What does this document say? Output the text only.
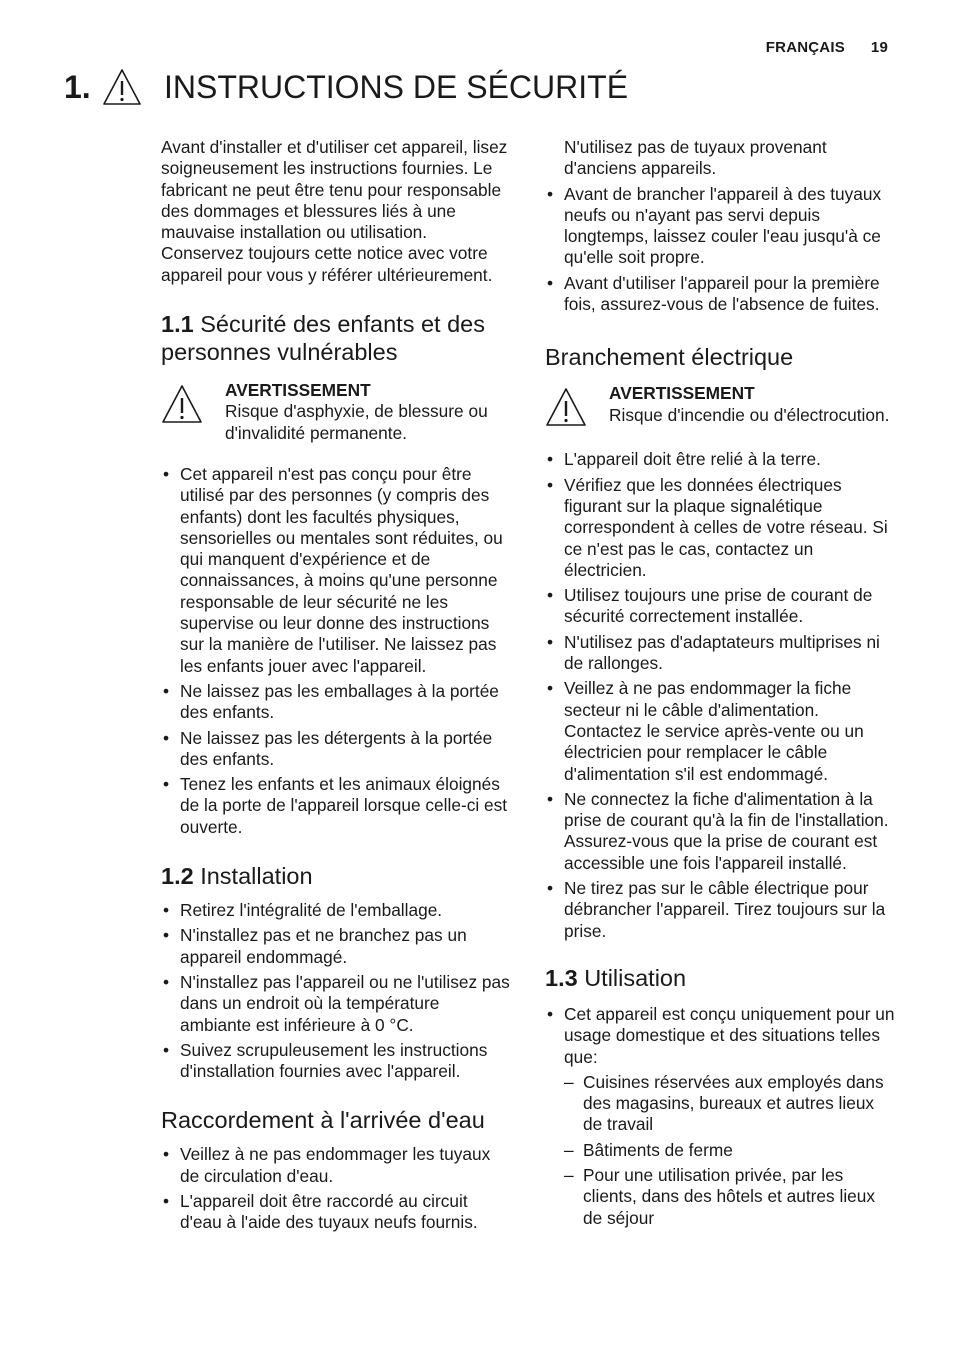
FRANÇAIS 19
1.	INSTRUCTIONS DE SÉCURITÉ

Avant d'installer et d'utiliser cet appareil, lisez soigneusement les instructions fournies. Le fabricant ne peut être tenu pour responsable des dommages et blessures liés à une mauvaise installation ou utilisation. Conservez toujours cette notice avec votre appareil pour vous y référer ultérieurement.

1.1 Sécurité des enfants et des personnes vulnérables
AVERTISSEMENT
Risque d'asphyxie, de blessure ou d'invalidité permanente.
• Cet appareil n'est pas conçu pour être utilisé par des personnes (y compris des enfants) dont les facultés physiques, sensorielles ou mentales sont réduites, ou qui manquent d'expérience et de connaissances, à moins qu'une personne responsable de leur sécurité ne les supervise ou leur donne des instructions sur la manière de l'utiliser. Ne laissez pas les enfants jouer avec l'appareil.
• Ne laissez pas les emballages à la portée des enfants.
• Ne laissez pas les détergents à la portée des enfants.
• Tenez les enfants et les animaux éloignés de la porte de l'appareil lorsque celle-ci est ouverte.
1.2 Installation
• Retirez l'intégralité de l'emballage.
• N'installez pas et ne branchez pas un appareil endommagé.
• N'installez pas l'appareil ou ne l'utilisez pas dans un endroit où la température ambiante est inférieure à 0 °C.
• Suivez scrupuleusement les instructions d'installation fournies avec l'appareil.
Raccordement à l'arrivée d'eau
• Veillez à ne pas endommager les tuyaux de circulation d'eau.
• L'appareil doit être raccordé au circuit d'eau à l'aide des tuyaux neufs fournis.

N'utilisez pas de tuyaux provenant d'anciens appareils.

• Avant de brancher l'appareil à des tuyaux neufs ou n'ayant pas servi depuis longtemps, laissez couler l'eau jusqu'à ce qu'elle soit propre.
• Avant d'utiliser l'appareil pour la première fois, assurez-vous de l'absence de fuites.
Branchement électrique
AVERTISSEMENT
Risque d'incendie ou d'électrocution.
• L'appareil doit être relié à la terre.
• Vérifiez que les données électriques figurant sur la plaque signalétique correspondent à celles de votre réseau. Si ce n'est pas le cas, contactez un électricien.
• Utilisez toujours une prise de courant de sécurité correctement installée.
• N'utilisez pas d'adaptateurs multiprises ni de rallonges.
• Veillez à ne pas endommager la fiche secteur ni le câble d'alimentation. Contactez le service après-vente ou un électricien pour remplacer le câble d'alimentation s'il est endommagé.
• Ne connectez la fiche d'alimentation à la prise de courant qu'à la fin de l'installation. Assurez-vous que la prise de courant est accessible une fois l'appareil installé.
• Ne tirez pas sur le câble électrique pour débrancher l'appareil. Tirez toujours sur la prise.
1.3 Utilisation
• Cet appareil est conçu uniquement pour un usage domestique et des situations telles que:
– Cuisines réservées aux employés dans des magasins, bureaux et autres lieux de travail
– Bâtiments de ferme
– Pour une utilisation privée, par les clients, dans des hôtels et autres lieux de séjour
